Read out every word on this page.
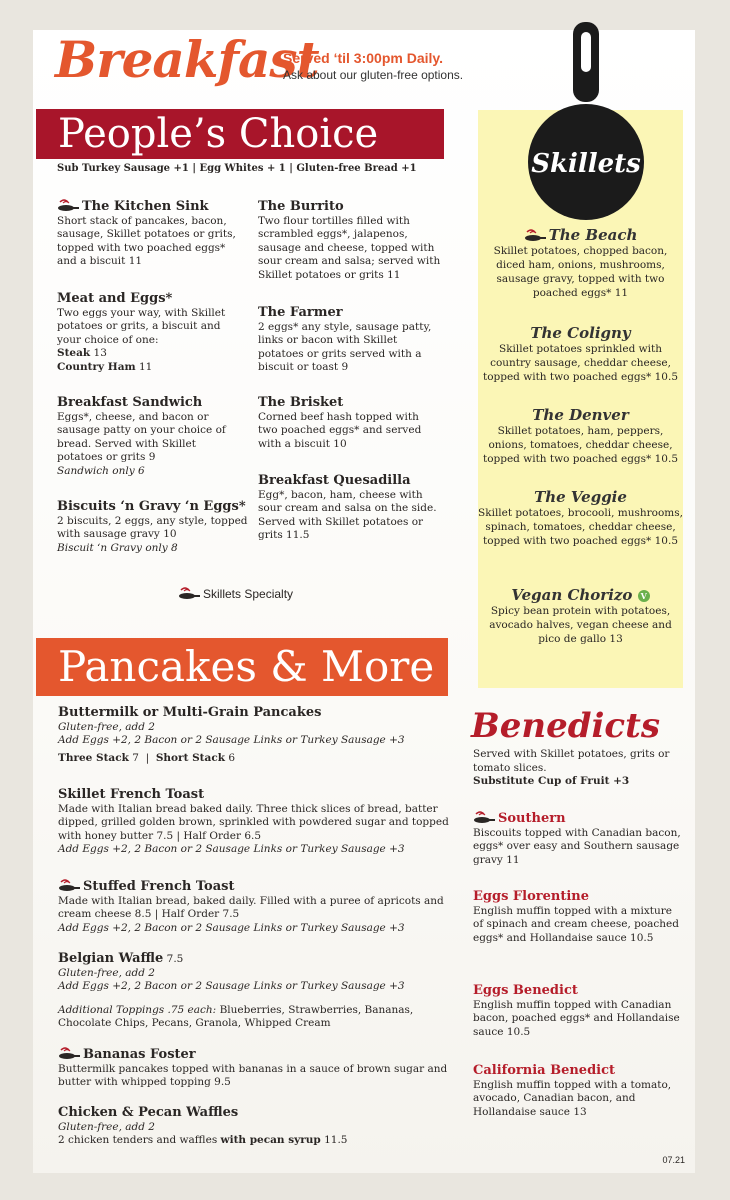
Breakfast
Served ‘til 3:00pm Daily.
Ask about our gluten-free options.
People’s Choice
Sub Turkey Sausage +1 | Egg Whites + 1 | Gluten-free Bread +1
The Kitchen Sink
Short stack of pancakes, bacon, sausage, Skillet potatoes or grits, topped with two poached eggs* and a biscuit 11
Meat and Eggs*
Two eggs your way, with Skillet potatoes or grits, a biscuit and your choice of one:
Steak 13
Country Ham 11
Breakfast Sandwich
Eggs*, cheese, and bacon or sausage patty on your choice of bread. Served with Skillet potatoes or grits 9
Sandwich only 6
Biscuits ‘n Gravy ‘n Eggs*
2 biscuits, 2 eggs, any style, topped with sausage gravy 10
Biscuit ‘n Gravy only 8
The Burrito
Two flour tortilles filled with scrambled eggs*, jalapenos, sausage and cheese, topped with sour cream and salsa; served with Skillet potatoes or grits 11
The Farmer
2 eggs* any style, sausage patty, links or bacon with Skillet potatoes or grits served with a biscuit or toast 9
The Brisket
Corned beef hash topped with two poached eggs* and served with a biscuit 10
Breakfast Quesadilla
Egg*, bacon, ham, cheese with sour cream and salsa on the side. Served with Skillet potatoes or grits 11.5
Skillets Specialty
Pancakes & More
Buttermilk or Multi-Grain Pancakes
Gluten-free, add 2
Add Eggs +2, 2 Bacon or 2 Sausage Links or Turkey Sausage +3
Three Stack 7  |  Short Stack 6
Skillet French Toast
Made with Italian bread baked daily. Three thick slices of bread, batter dipped, grilled golden brown, sprinkled with powdered sugar and topped with honey butter 7.5 | Half Order 6.5
Add Eggs +2, 2 Bacon or 2 Sausage Links or Turkey Sausage +3
Stuffed French Toast
Made with Italian bread, baked daily. Filled with a puree of apricots and cream cheese 8.5 | Half Order 7.5
Add Eggs +2, 2 Bacon or 2 Sausage Links or Turkey Sausage +3
Belgian Waffle 7.5
Gluten-free, add 2
Add Eggs +2, 2 Bacon or 2 Sausage Links or Turkey Sausage +3
Additional Toppings .75 each: Blueberries, Strawberries, Bananas, Chocolate Chips, Pecans, Granola, Whipped Cream
Bananas Foster
Buttermilk pancakes topped with bananas in a sauce of brown sugar and butter with whipped topping 9.5
Chicken & Pecan Waffles
Gluten-free, add 2
2 chicken tenders and waffles with pecan syrup 11.5
Skillets
The Beach
Skillet potatoes, chopped bacon, diced ham, onions, mushrooms, sausage gravy, topped with two poached eggs* 11
The Coligny
Skillet potatoes sprinkled with country sausage, cheddar cheese, topped with two poached eggs* 10.5
The Denver
Skillet potatoes, ham, peppers, onions, tomatoes, cheddar cheese, topped with two poached eggs* 10.5
The Veggie
Skillet potatoes, brocooli, mushrooms, spinach, tomatoes, cheddar cheese, topped with two poached eggs* 10.5
Vegan Chorizo V
Spicy bean protein with potatoes, avocado halves, vegan cheese and pico de gallo 13
Benedicts
Served with Skillet potatoes, grits or tomato slices.
Substitute Cup of Fruit +3
Southern
Biscouits topped with Canadian bacon, eggs* over easy and Southern sausage gravy 11
Eggs Florentine
English muffin topped with a mixture of spinach and cream cheese, poached eggs* and Hollandaise sauce 10.5
Eggs Benedict
English muffin topped with Canadian bacon, poached eggs* and Hollandaise sauce 10.5
California Benedict
English muffin topped with a tomato, avocado, Canadian bacon, and Hollandaise sauce 13
07.21
